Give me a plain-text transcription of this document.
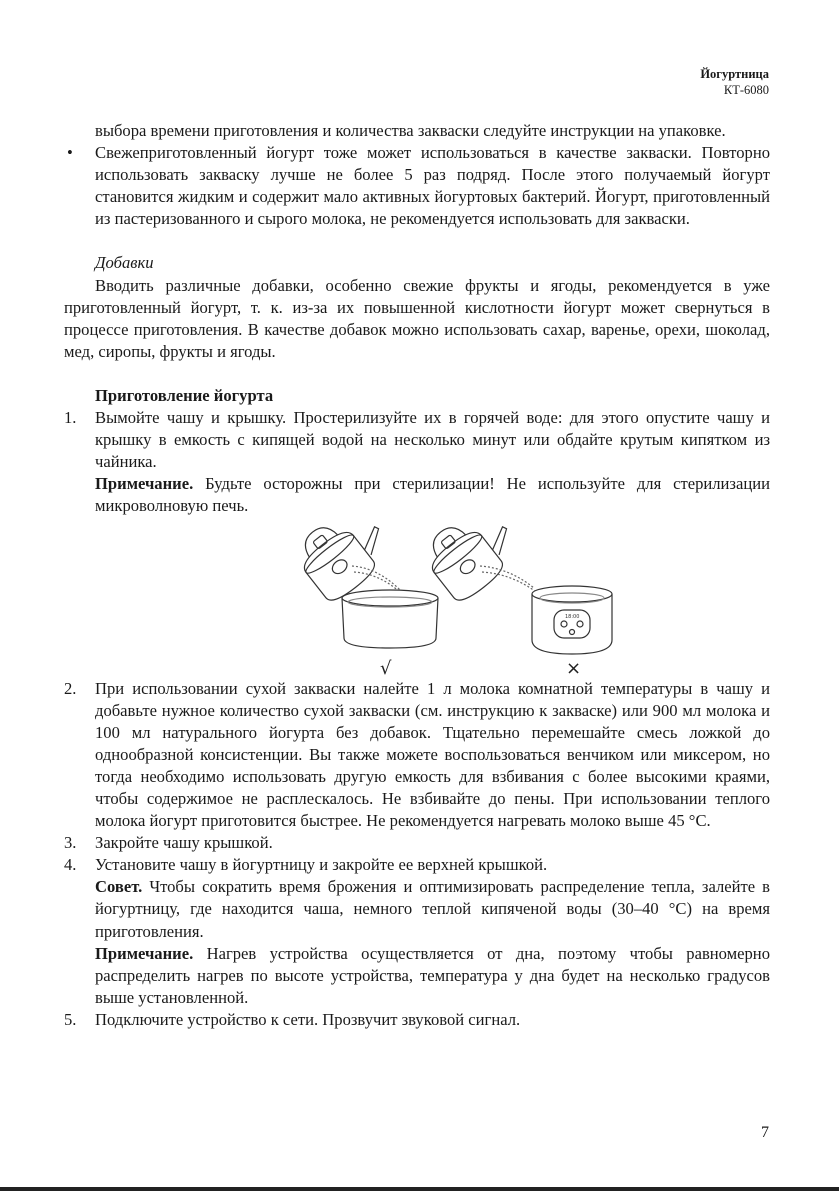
Йогуртница
КТ-6080

выбора времени приготовления и количества закваски следуйте инструкции на упаковке.

• Свежеприготовленный йогурт тоже может использоваться в качестве закваски. Повторно использовать закваску лучше не более 5 раз подряд. После этого получаемый йогурт становится жидким и содержит мало активных йогуртовых бактерий. Йогурт, приготовленный из пастеризованного и сырого молока, не рекомендуется использовать для закваски.

Добавки

Вводить различные добавки, особенно свежие фрукты и ягоды, рекомендуется в уже приготовленный йогурт, т. к. из-за их повышенной кислотности йогурт может свернуться в процессе приготовления. В качестве добавок можно использовать сахар, варенье, орехи, шоколад, мед, сиропы, фрукты и ягоды.

Приготовление йогурта

1. Вымойте чашу и крышку. Простерилизуйте их в горячей воде: для этого опустите чашу и крышку в емкость с кипящей водой на несколько минут или обдайте крутым кипятком из чайника.

Примечание. Будьте осторожны при стерилизации! Не используйте для стерилизации микроволновую печь.

√
18:00
×
2. При использовании сухой закваски налейте 1 л молока комнатной температуры в чашу и добавьте нужное количество сухой закваски (см. инструкцию к закваске) или 900 мл молока и 100 мл натурального йогурта без добавок. Тщательно перемешайте смесь ложкой до однообразной консистенции. Вы также можете воспользоваться венчиком или миксером, но тогда необходимо использовать другую емкость для взбивания с более высокими краями, чтобы содержимое не расплескалось. Не взбивайте до пены. При использовании теплого молока йогурт приготовится быстрее. Не рекомендуется нагревать молоко выше 45 °С.

3. Закройте чашу крышкой.

4. Установите чашу в йогуртницу и закройте ее верхней крышкой.

Совет. Чтобы сократить время брожения и оптимизировать распределение тепла, залейте в йогуртницу, где находится чаша, немного теплой кипяченой воды (30–40 °С) на время приготовления.

Примечание. Нагрев устройства осуществляется от дна, поэтому чтобы равномерно распределить нагрев по высоте устройства, температура у дна будет на несколько градусов выше установленной.

5. Подключите устройство к сети. Прозвучит звуковой сигнал.

7
